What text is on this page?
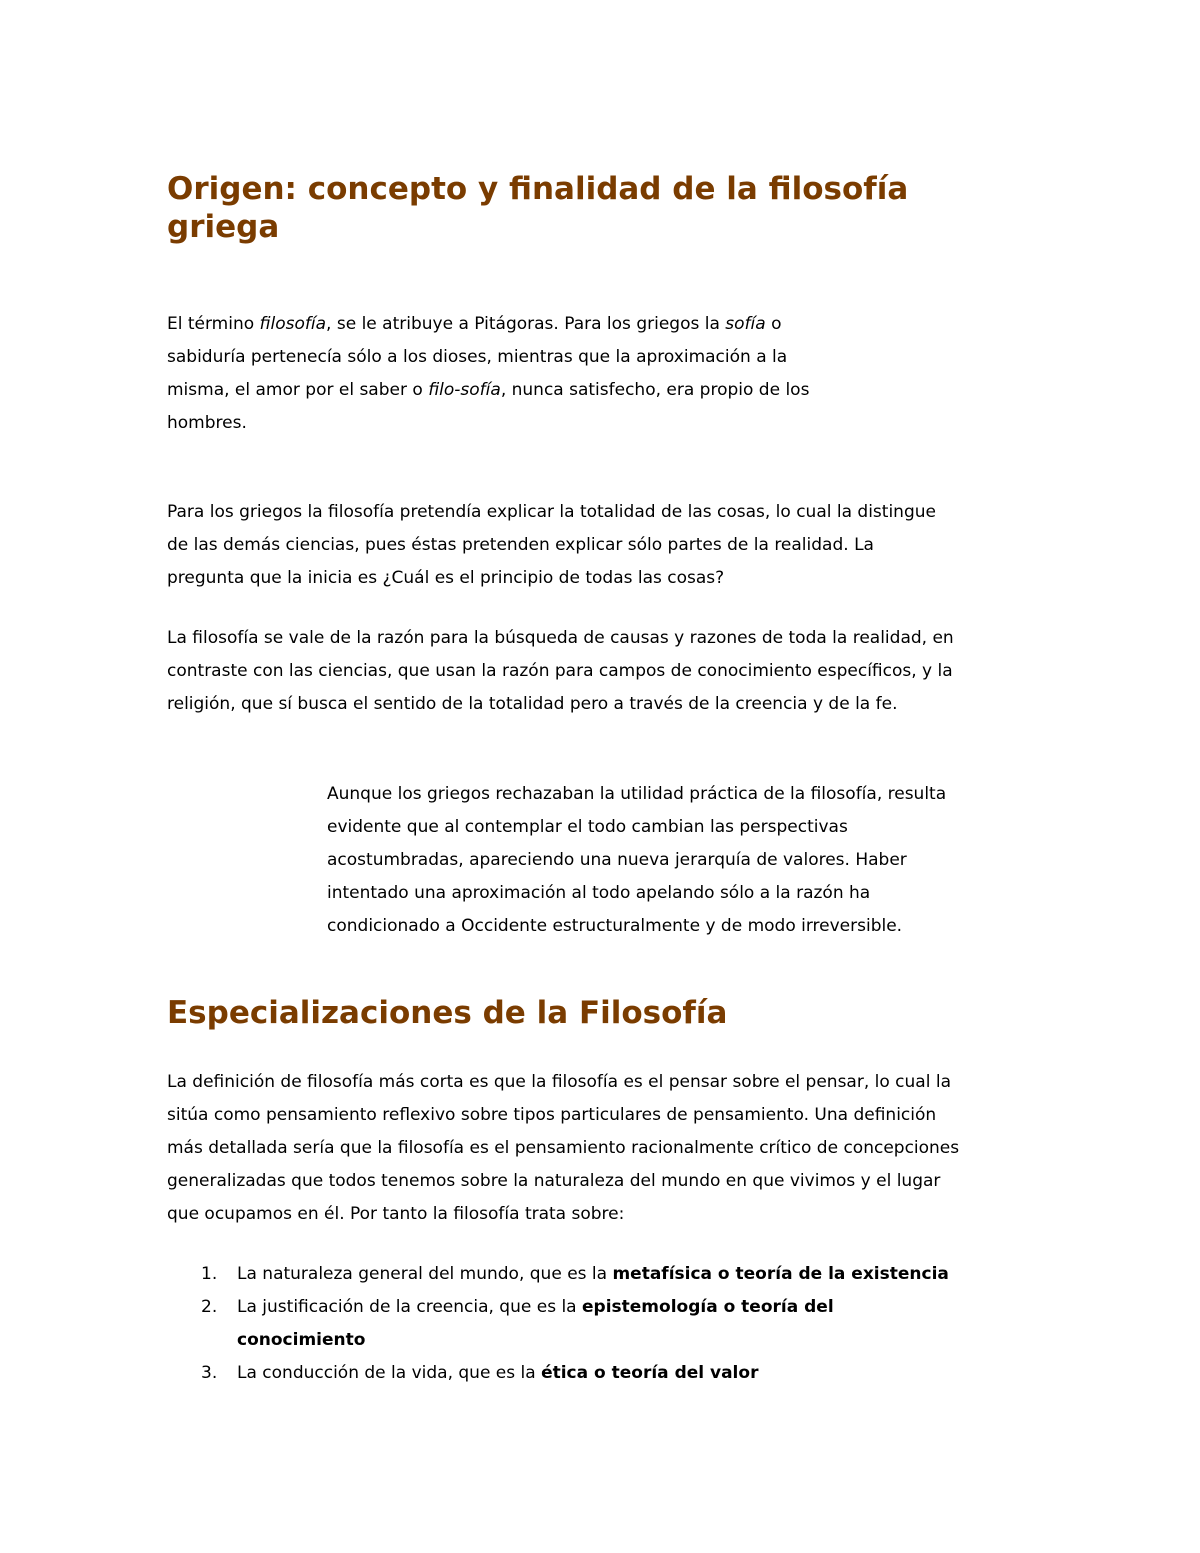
Origen: concepto y finalidad de la filosofía
griega

El término filosofía, se le atribuye a Pitágoras. Para los griegos la sofía o
sabiduría pertenecía sólo a los dioses, mientras que la aproximación a la
misma, el amor por el saber o filo-sofía, nunca satisfecho, era propio de los
hombres.

Para los griegos la filosofía pretendía explicar la totalidad de las cosas, lo cual la distingue
de las demás ciencias, pues éstas pretenden explicar sólo partes de la realidad. La
pregunta que la inicia es ¿Cuál es el principio de todas las cosas?

La filosofía se vale de la razón para la búsqueda de causas y razones de toda la realidad, en
contraste con las ciencias, que usan la razón para campos de conocimiento específicos, y la
religión, que sí busca el sentido de la totalidad pero a través de la creencia y de la fe.

Aunque los griegos rechazaban la utilidad práctica de la filosofía, resulta
evidente que al contemplar el todo cambian las perspectivas
acostumbradas, apareciendo una nueva jerarquía de valores. Haber
intentado una aproximación al todo apelando sólo a la razón ha
condicionado a Occidente estructuralmente y de modo irreversible.
Especializaciones de la Filosofía

La definición de filosofía más corta es que la filosofía es el pensar sobre el pensar, lo cual la
sitúa como pensamiento reflexivo sobre tipos particulares de pensamiento. Una definición
más detallada sería que la filosofía es el pensamiento racionalmente crítico de concepciones
generalizadas que todos tenemos sobre la naturaleza del mundo en que vivimos y el lugar
que ocupamos en él. Por tanto la filosofía trata sobre:

1. La naturaleza general del mundo, que es la metafísica o teoría de la existencia
2. La justificación de la creencia, que es la epistemología o teoría del
conocimiento
3. La conducción de la vida, que es la ética o teoría del valor
